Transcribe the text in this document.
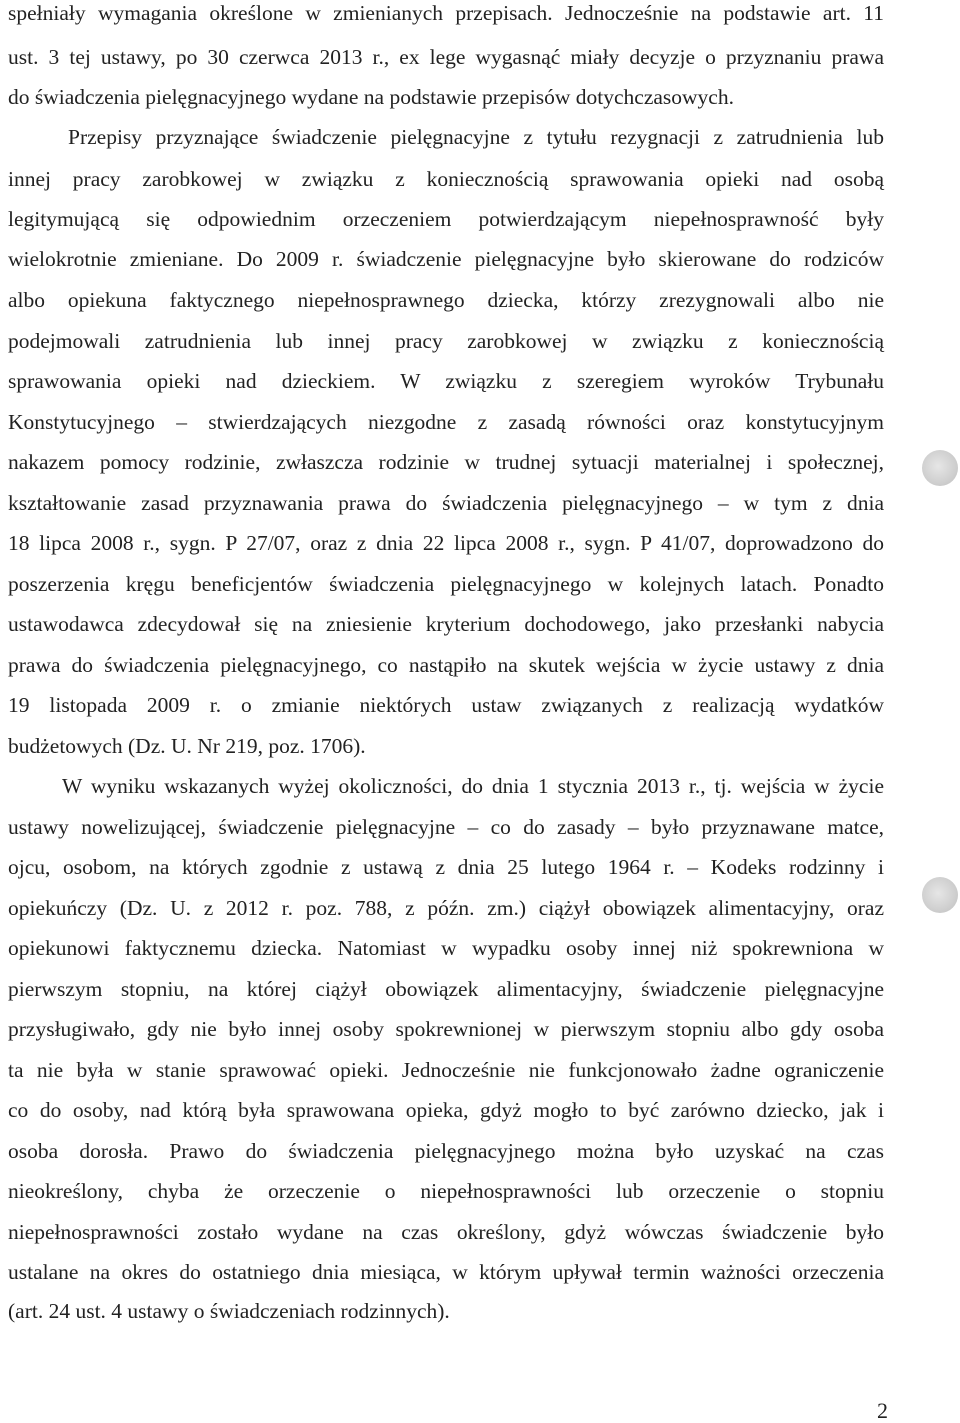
spełniały wymagania określone w zmienianych przepisach. Jednocześnie na podstawie art. 11
ust. 3 tej ustawy, po 30 czerwca 2013 r., ex lege wygasnąć miały decyzje o przyznaniu prawa
do świadczenia pielęgnacyjnego wydane na podstawie przepisów dotychczasowych.
Przepisy przyznające świadczenie pielęgnacyjne z tytułu rezygnacji z zatrudnienia lub
innej pracy zarobkowej w związku z koniecznością sprawowania opieki nad osobą
legitymującą się odpowiednim orzeczeniem potwierdzającym niepełnosprawność były
wielokrotnie zmieniane. Do 2009 r. świadczenie pielęgnacyjne było skierowane do rodziców
albo opiekuna faktycznego niepełnosprawnego dziecka, którzy zrezygnowali albo nie
podejmowali zatrudnienia lub innej pracy zarobkowej w związku z koniecznością
sprawowania opieki nad dzieckiem. W związku z szeregiem wyroków Trybunału
Konstytucyjnego – stwierdzających niezgodne z zasadą równości oraz konstytucyjnym
nakazem pomocy rodzinie, zwłaszcza rodzinie w trudnej sytuacji materialnej i społecznej,
kształtowanie zasad przyznawania prawa do świadczenia pielęgnacyjnego – w tym z dnia
18 lipca 2008 r., sygn. P 27/07, oraz z dnia 22 lipca 2008 r., sygn. P 41/07, doprowadzono do
poszerzenia kręgu beneficjentów świadczenia pielęgnacyjnego w kolejnych latach. Ponadto
ustawodawca zdecydował się na zniesienie kryterium dochodowego, jako przesłanki nabycia
prawa do świadczenia pielęgnacyjnego, co nastąpiło na skutek wejścia w życie ustawy z dnia
19 listopada 2009 r. o zmianie niektórych ustaw związanych z realizacją wydatków
budżetowych (Dz. U. Nr 219, poz. 1706).
W wyniku wskazanych wyżej okoliczności, do dnia 1 stycznia 2013 r., tj. wejścia w życie
ustawy nowelizującej, świadczenie pielęgnacyjne – co do zasady – było przyznawane matce,
ojcu, osobom, na których zgodnie z ustawą z dnia 25 lutego 1964 r. – Kodeks rodzinny i
opiekuńczy (Dz. U. z 2012 r. poz. 788, z późn. zm.) ciążył obowiązek alimentacyjny, oraz
opiekunowi faktycznemu dziecka. Natomiast w wypadku osoby innej niż spokrewniona w
pierwszym stopniu, na której ciążył obowiązek alimentacyjny, świadczenie pielęgnacyjne
przysługiwało, gdy nie było innej osoby spokrewnionej w pierwszym stopniu albo gdy osoba
ta nie była w stanie sprawować opieki. Jednocześnie nie funkcjonowało żadne ograniczenie
co do osoby, nad którą była sprawowana opieka, gdyż mogło to być zarówno dziecko, jak i
osoba dorosła. Prawo do świadczenia pielęgnacyjnego można było uzyskać na czas
nieokreślony, chyba że orzeczenie o niepełnosprawności lub orzeczenie o stopniu
niepełnosprawności zostało wydane na czas określony, gdyż wówczas świadczenie było
ustalane na okres do ostatniego dnia miesiąca, w którym upływał termin ważności orzeczenia
(art. 24 ust. 4 ustawy o świadczeniach rodzinnych).
2
